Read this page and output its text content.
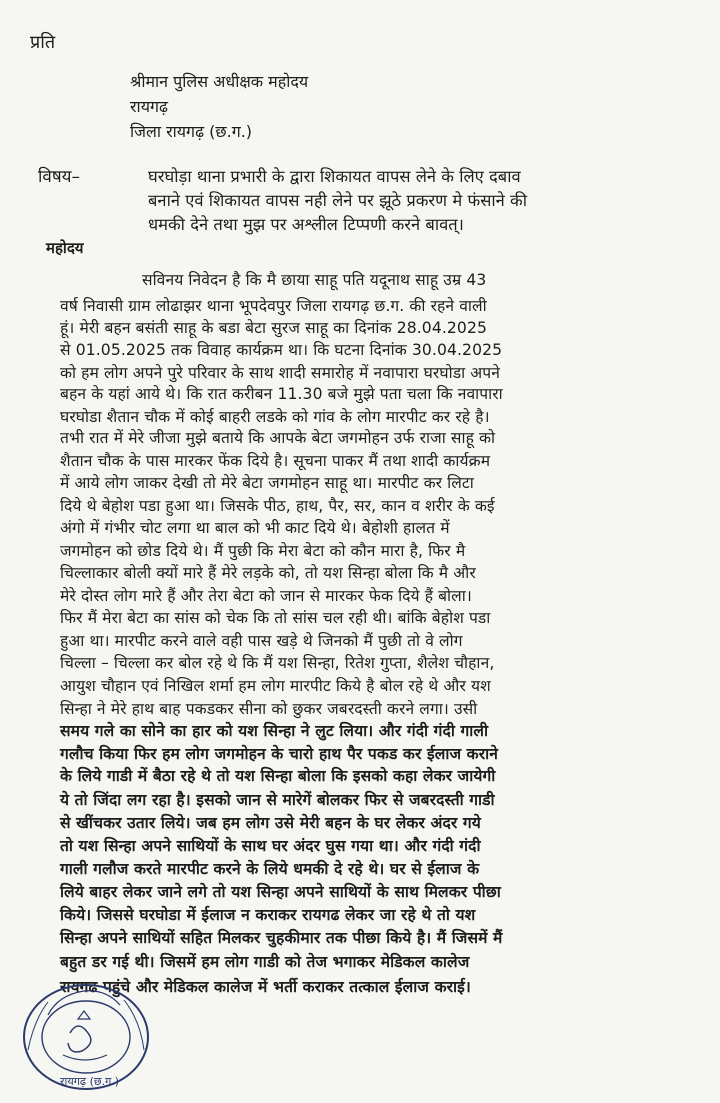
प्रति
श्रीमान पुलिस अधीक्षक महोदय
रायगढ़
जिला रायगढ़ (छ.ग.)
विषय–	घरघोड़ा थाना प्रभारी के द्वारा शिकायत वापस लेने के लिए दबाव
बनाने एवं शिकायत वापस नही लेने पर झूठे प्रकरण मे फंसाने की
धमकी देने तथा मुझ पर अश्लील टिप्पणी करने बावत्।
महोदय
सविनय निवेदन है कि मै छाया साहू पति यदूनाथ साहू उम्र 43
वर्ष निवासी ग्राम लोढाझर थाना भूपदेवपुर जिला रायगढ़ छ.ग. की रहने वाली
हूं। मेरी बहन बसंती साहू के बडा बेटा सुरज साहू का दिनांक 28.04.2025
से 01.05.2025 तक विवाह कार्यक्रम था। कि घटना दिनांक 30.04.2025
को हम लोग अपने पुरे परिवार के साथ शादी समारोह में नवापारा घरघोडा अपने
बहन के यहां आये थे। कि रात करीबन 11.30 बजे मुझे पता चला कि नवापारा
घरघोडा शैतान चौक में कोई बाहरी लडके को गांव के लोग मारपीट कर रहे है।
तभी रात में मेरे जीजा मुझे बताये कि आपके बेटा जगमोहन उर्फ राजा साहू को
शैतान चौक के पास मारकर फेंक दिये है। सूचना पाकर मैं तथा शादी कार्यक्रम
में आये लोग जाकर देखी तो मेरे बेटा जगमोहन साहू था। मारपीट कर लिटा
दिये थे बेहोश पडा हुआ था। जिसके पीठ, हाथ, पैर, सर, कान व शरीर के कई
अंगो में गंभीर चोट लगा था बाल को भी काट दिये थे। बेहोशी हालत में
जगमोहन को छोड दिये थे। मैं पुछी कि मेरा बेटा को कौन मारा है, फिर मै
चिल्लाकार बोली क्यों मारे हैं मेरे लड़के को, तो यश सिन्हा बोला कि मै और
मेरे दोस्त लोग मारे हैं और तेरा बेटा को जान से मारकर फेक दिये हैं बोला।
फिर मैं मेरा बेटा का सांस को चेक कि तो सांस चल रही थी। बांकि बेहोश पडा
हुआ था। मारपीट करने वाले वही पास खड़े थे जिनको मैं पुछी तो वे लोग
चिल्ला – चिल्ला कर बोल रहे थे कि मैं यश सिन्हा, रितेश गुप्ता, शैलेश चौहान,
आयुश चौहान एवं निखिल शर्मा हम लोग मारपीट किये है बोल रहे थे और यश
सिन्हा ने मेरे हाथ बाह पकडकर सीना को छुकर जबरदस्ती करने लगा। उसी
समय गले का सोने का हार को यश सिन्हा ने लुट लिया। और गंदी गंदी गाली
गलौच किया फिर हम लोग जगमोहन के चारो हाथ पैर पकड कर ईलाज कराने
के लिये गाडी में बैठा रहे थे तो यश सिन्हा बोला कि इसको कहा लेकर जायेगी
ये तो जिंदा लग रहा है। इसको जान से मारेगें बोलकर फिर से जबरदस्ती गाडी
से खींचकर उतार लिये। जब हम लोग उसे मेरी बहन के घर लेकर अंदर गये
तो यश सिन्हा अपने साथियों के साथ घर अंदर घुस गया था। और गंदी गंदी
गाली गलौज करते मारपीट करने के लिये धमकी दे रहे थे। घर से ईलाज के
लिये बाहर लेकर जाने लगे तो यश सिन्हा अपने साथियों के साथ मिलकर पीछा
किये। जिससे घरघोडा में ईलाज न कराकर रायगढ लेकर जा रहे थे तो यश
सिन्हा अपने साथियों सहित मिलकर चुहकीमार तक पीछा किये है। मैं जिसमें मैं
बहुत डर गई थी। जिसमें हम लोग गाडी को तेज भगाकर मेडिकल कालेज
रायगढ पहुंचे और मेडिकल कालेज में भर्ती कराकर तत्काल ईलाज कराई।
रायगढ़ (छ.ग.)
